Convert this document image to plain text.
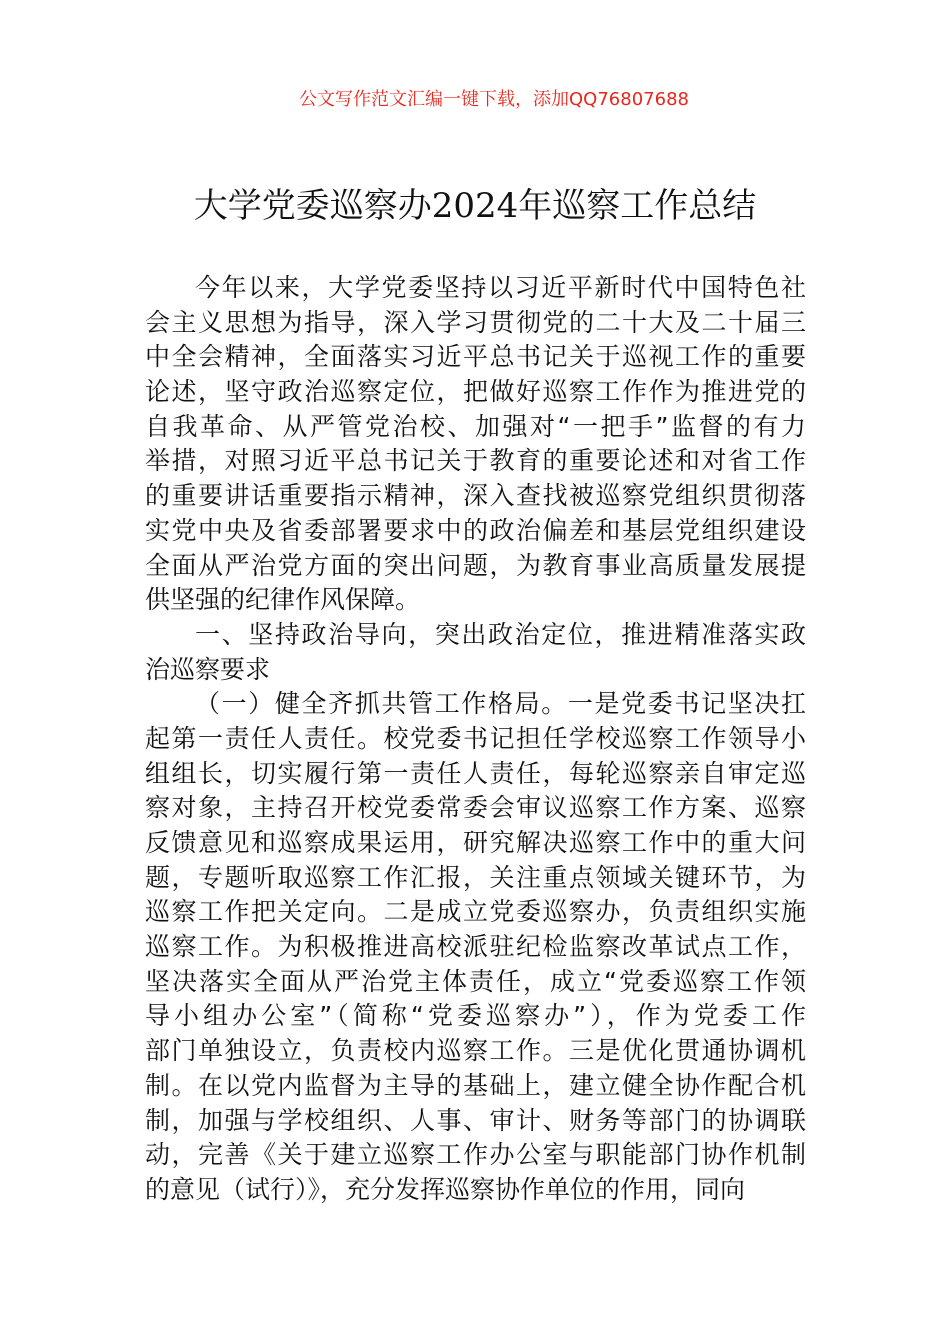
公文写作范文汇编一键下载，添加QQ76807688
大学党委巡察办2024年巡察工作总结
今年以来，大学党委坚持以习近平新时代中国特色社
会主义思想为指导，深入学习贯彻党的二十大及二十届三
中全会精神，全面落实习近平总书记关于巡视工作的重要
论述，坚守政治巡察定位，把做好巡察工作作为推进党的
自我革命、从严管党治校、加强对“一把手”监督的有力
举措，对照习近平总书记关于教育的重要论述和对省工作
的重要讲话重要指示精神，深入查找被巡察党组织贯彻落
实党中央及省委部署要求中的政治偏差和基层党组织建设
全面从严治党方面的突出问题，为教育事业高质量发展提
供坚强的纪律作风保障。
一、坚持政治导向，突出政治定位，推进精准落实政
治巡察要求
（一）健全齐抓共管工作格局。一是党委书记坚决扛
起第一责任人责任。校党委书记担任学校巡察工作领导小
组组长，切实履行第一责任人责任，每轮巡察亲自审定巡
察对象，主持召开校党委常委会审议巡察工作方案、巡察
反馈意见和巡察成果运用，研究解决巡察工作中的重大问
题，专题听取巡察工作汇报，关注重点领域关键环节，为
巡察工作把关定向。二是成立党委巡察办，负责组织实施
巡察工作。为积极推进高校派驻纪检监察改革试点工作，
坚决落实全面从严治党主体责任，成立“党委巡察工作领
导小组办公室”（简称“党委巡察办”），作为党委工作
部门单独设立，负责校内巡察工作。三是优化贯通协调机
制。在以党内监督为主导的基础上，建立健全协作配合机
制，加强与学校组织、人事、审计、财务等部门的协调联
动，完善《关于建立巡察工作办公室与职能部门协作机制
的意见（试行）》，充分发挥巡察协作单位的作用，同向
